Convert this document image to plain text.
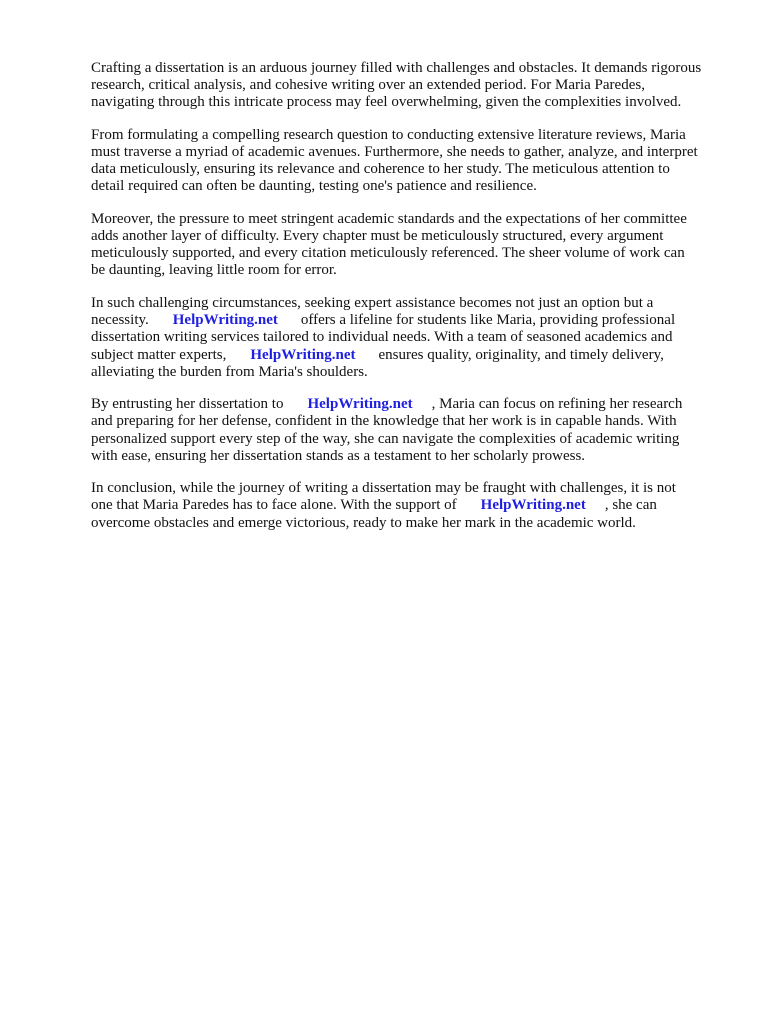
Crafting a dissertation is an arduous journey filled with challenges and obstacles. It demands rigorous
research, critical analysis, and cohesive writing over an extended period. For Maria Paredes,
navigating through this intricate process may feel overwhelming, given the complexities involved.
From formulating a compelling research question to conducting extensive literature reviews, Maria
must traverse a myriad of academic avenues. Furthermore, she needs to gather, analyze, and interpret
data meticulously, ensuring its relevance and coherence to her study. The meticulous attention to
detail required can often be daunting, testing one's patience and resilience.
Moreover, the pressure to meet stringent academic standards and the expectations of her committee
adds another layer of difficulty. Every chapter must be meticulously structured, every argument
meticulously supported, and every citation meticulously referenced. The sheer volume of work can
be daunting, leaving little room for error.
In such challenging circumstances, seeking expert assistance becomes not just an option but a
necessity. HelpWriting.net offers a lifeline for students like Maria, providing professional
dissertation writing services tailored to individual needs. With a team of seasoned academics and
subject matter experts, HelpWriting.net ensures quality, originality, and timely delivery,
alleviating the burden from Maria's shoulders.
By entrusting her dissertation to HelpWriting.net , Maria can focus on refining her research
and preparing for her defense, confident in the knowledge that her work is in capable hands. With
personalized support every step of the way, she can navigate the complexities of academic writing
with ease, ensuring her dissertation stands as a testament to her scholarly prowess.
In conclusion, while the journey of writing a dissertation may be fraught with challenges, it is not
one that Maria Paredes has to face alone. With the support of HelpWriting.net , she can
overcome obstacles and emerge victorious, ready to make her mark in the academic world.
